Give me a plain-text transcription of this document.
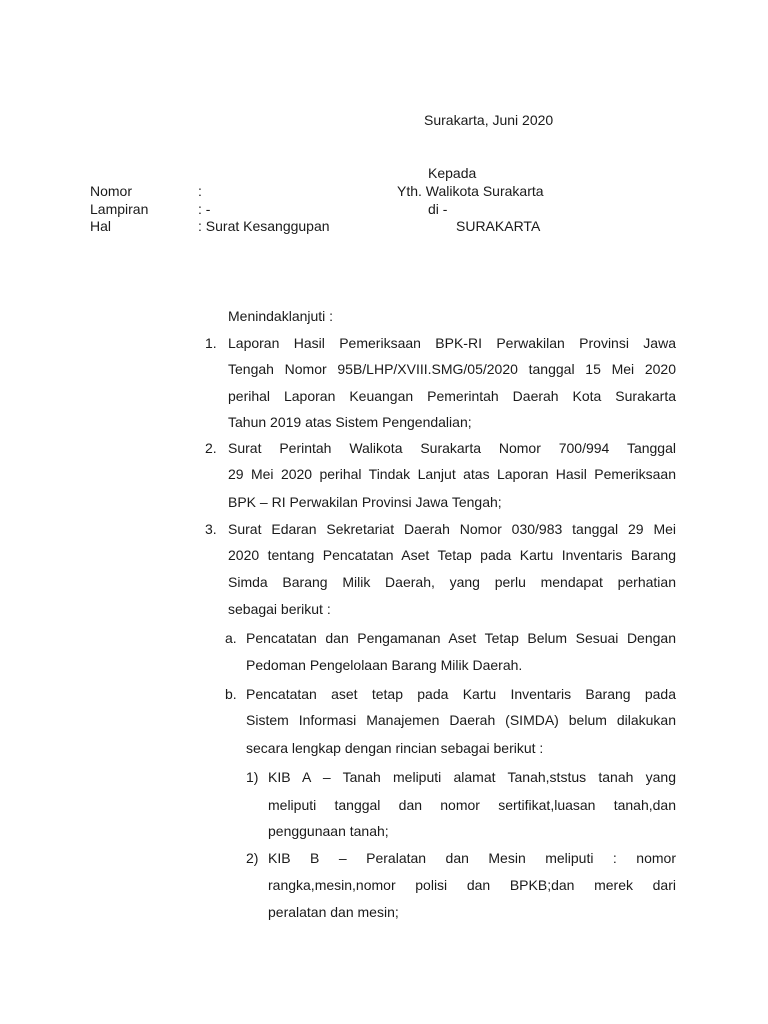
Surakarta, Juni 2020
Kepada
Yth. Walikota Surakarta
di -
SURAKARTA
Nomor	:
Lampiran	: -
Hal	: Surat Kesanggupan
Menindaklanjuti :
1. Laporan Hasil Pemeriksaan BPK-RI Perwakilan Provinsi Jawa
Tengah Nomor 95B/LHP/XVIII.SMG/05/2020 tanggal 15 Mei 2020
perihal Laporan Keuangan Pemerintah Daerah Kota Surakarta
Tahun 2019 atas Sistem Pengendalian;
2. Surat Perintah Walikota Surakarta Nomor 700/994 Tanggal
29 Mei 2020 perihal Tindak Lanjut atas Laporan Hasil Pemeriksaan
BPK – RI Perwakilan Provinsi Jawa Tengah;
3. Surat Edaran Sekretariat Daerah Nomor 030/983 tanggal 29 Mei
2020 tentang Pencatatan Aset Tetap pada Kartu Inventaris Barang
Simda Barang Milik Daerah, yang perlu mendapat perhatian
sebagai berikut :
a. Pencatatan dan Pengamanan Aset Tetap Belum Sesuai Dengan
Pedoman Pengelolaan Barang Milik Daerah.
b. Pencatatan aset tetap pada Kartu Inventaris Barang pada
Sistem Informasi Manajemen Daerah (SIMDA) belum dilakukan
secara lengkap dengan rincian sebagai berikut :
1) KIB A – Tanah meliputi alamat Tanah,ststus tanah yang
meliputi tanggal dan nomor sertifikat,luasan tanah,dan
penggunaan tanah;
2) KIB B – Peralatan dan Mesin meliputi : nomor
rangka,mesin,nomor polisi dan BPKB;dan merek dari
peralatan dan mesin;
